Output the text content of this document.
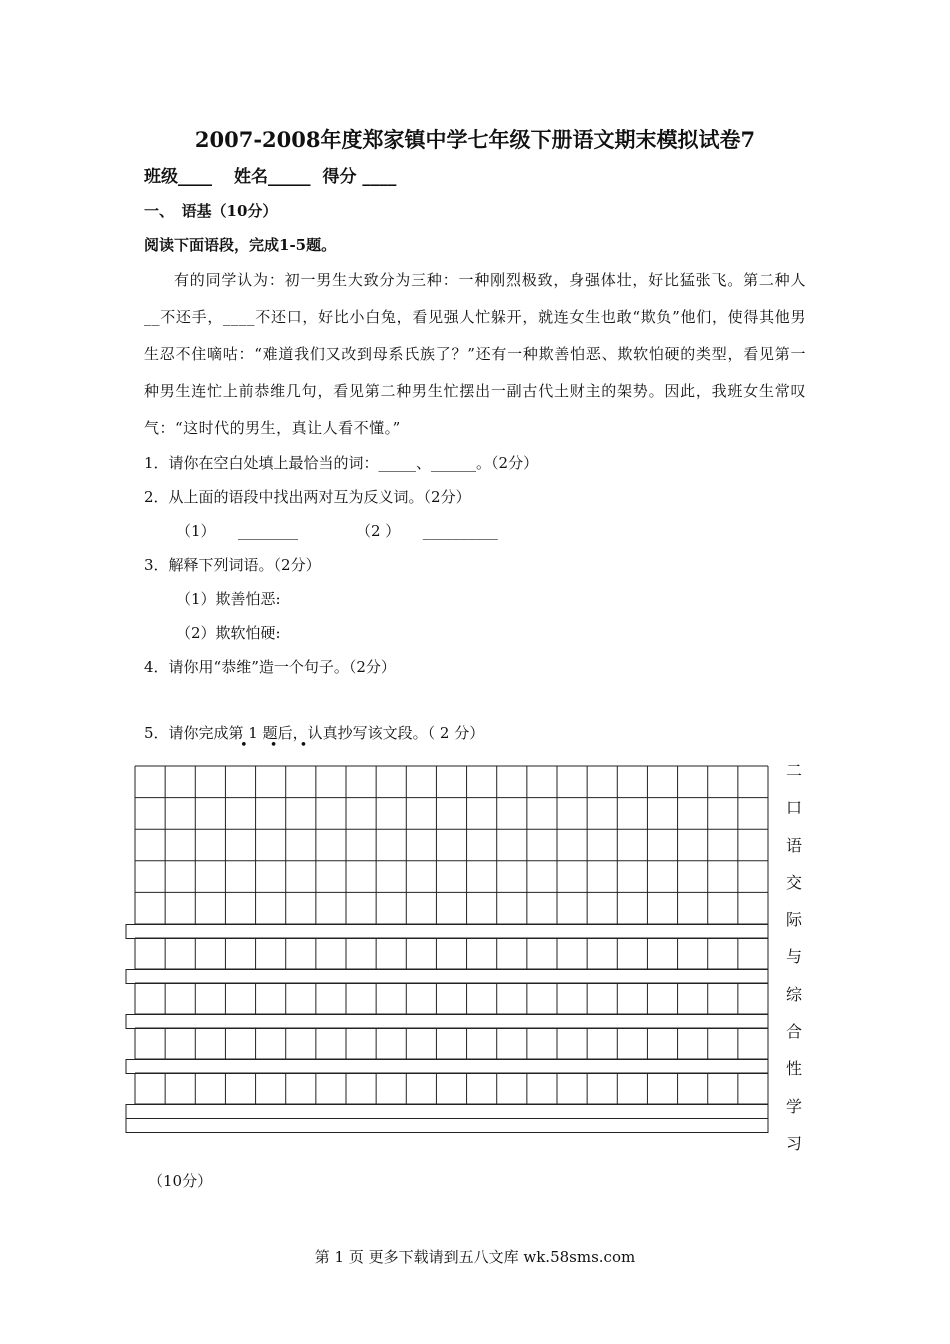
2007-2008年度郑家镇中学七年级下册语文期末模拟试卷7
班级____ 姓名_____ 得分 ____
一、　语基（10分）
阅读下面语段，完成1-5题。

有的同学认为：初一男生大致分为三种：一种刚烈极致，身强体壮，好比猛张飞。第二种人__不还手，____不还口，好比小白兔，看见强人忙躲开，就连女生也敢“欺负”他们，使得其他男生忍不住嘀咕：“难道我们又改到母系氏族了？”还有一种欺善怕恶、欺软怕硬的类型，看见第一种男生连忙上前恭维几句，看见第二种男生忙摆出一副古代土财主的架势。因此，我班女生常叹气：“这时代的男生，真让人看不懂。”

1．请你在空白处填上最恰当的词：_____、______。（2分）
2．从上面的语段中找出两对互为反义词。（2分）
（1）　　________	（2 ）　　__________
3．解释下列词语。（2分）
（1）欺善怕恶:
（2）欺软怕硬:
4．请你用“恭维”造一个句子。（2分）
5．请你完成第 1 题后，认真抄写该文段。（ 2 分）
• • •
二
口
语
交
际
与
综
合
性
学
习
（10分）
第 1 页 更多下载请到五八文库 wk.58sms.com
